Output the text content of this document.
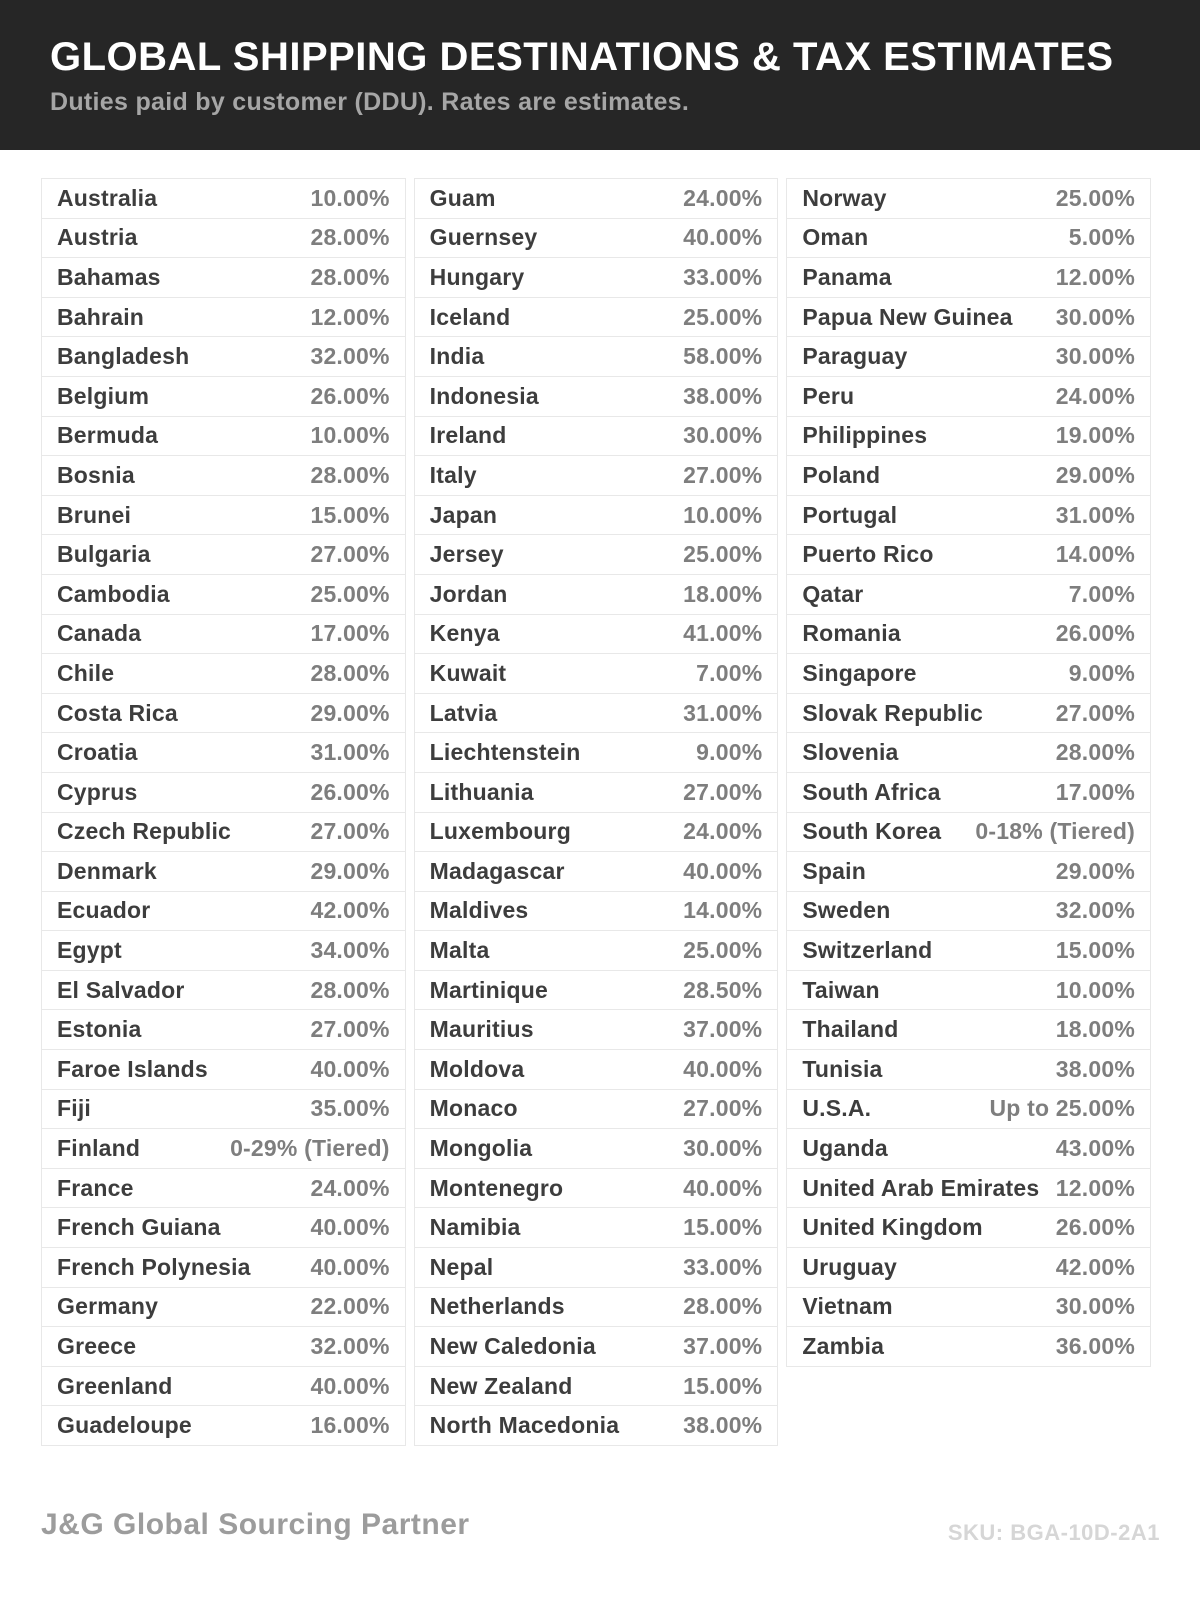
GLOBAL SHIPPING DESTINATIONS & TAX ESTIMATES

Duties paid by customer (DDU). Rates are estimates.

Australia	10.00%
Austria	28.00%
Bahamas	28.00%
Bahrain	12.00%
Bangladesh	32.00%
Belgium	26.00%
Bermuda	10.00%
Bosnia	28.00%
Brunei	15.00%
Bulgaria	27.00%
Cambodia	25.00%
Canada	17.00%
Chile	28.00%
Costa Rica	29.00%
Croatia	31.00%
Cyprus	26.00%
Czech Republic	27.00%
Denmark	29.00%
Ecuador	42.00%
Egypt	34.00%
El Salvador	28.00%
Estonia	27.00%
Faroe Islands	40.00%
Fiji	35.00%
Finland	0-29% (Tiered)
France	24.00%
French Guiana	40.00%
French Polynesia	40.00%
Germany	22.00%
Greece	32.00%
Greenland	40.00%
Guadeloupe	16.00%
Guam	24.00%
Guernsey	40.00%
Hungary	33.00%
Iceland	25.00%
India	58.00%
Indonesia	38.00%
Ireland	30.00%
Italy	27.00%
Japan	10.00%
Jersey	25.00%
Jordan	18.00%
Kenya	41.00%
Kuwait	7.00%
Latvia	31.00%
Liechtenstein	9.00%
Lithuania	27.00%
Luxembourg	24.00%
Madagascar	40.00%
Maldives	14.00%
Malta	25.00%
Martinique	28.50%
Mauritius	37.00%
Moldova	40.00%
Monaco	27.00%
Mongolia	30.00%
Montenegro	40.00%
Namibia	15.00%
Nepal	33.00%
Netherlands	28.00%
New Caledonia	37.00%
New Zealand	15.00%
North Macedonia	38.00%
Norway	25.00%
Oman	5.00%
Panama	12.00%
Papua New Guinea 30.00%
Paraguay	30.00%
Peru	24.00%
Philippines	19.00%
Poland	29.00%
Portugal	31.00%
Puerto Rico	14.00%
Qatar	7.00%
Romania	26.00%
Singapore	9.00%
Slovak Republic	27.00%
Slovenia	28.00%
South Africa	17.00%
South Korea 0-18% (Tiered)
Spain	29.00%
Sweden	32.00%
Switzerland	15.00%
Taiwan	10.00%
Thailand	18.00%
Tunisia	38.00%
U.S.A.	Up to 25.00%
Uganda	43.00%
United Arab Emirates 12.00%
United Kingdom	26.00%
Uruguay	42.00%
Vietnam	30.00%
Zambia	36.00%
J&G Global Sourcing Partner	SKU: BGA-10D-2A1
